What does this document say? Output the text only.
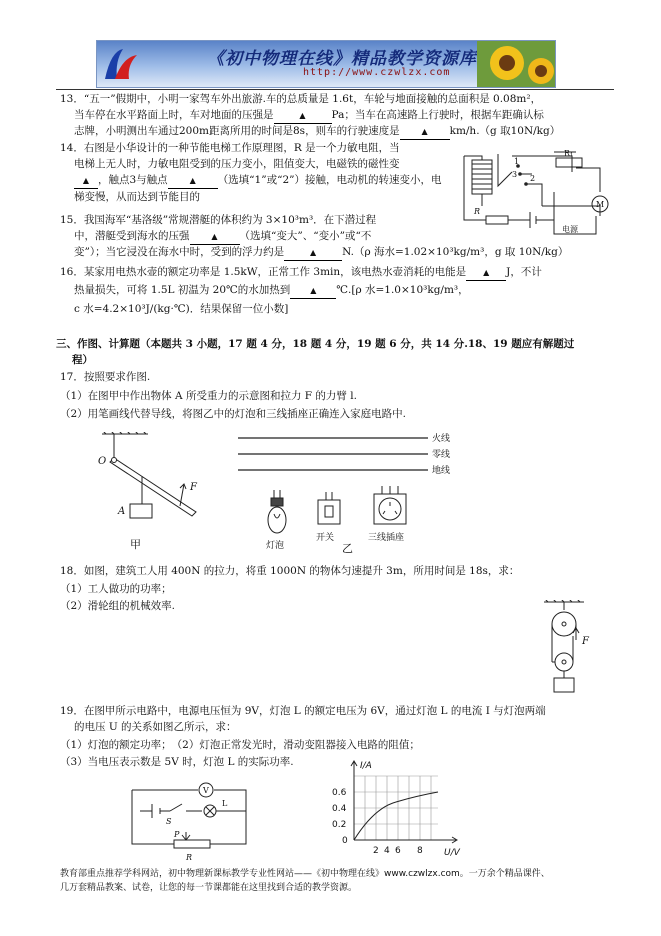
《初中物理在线》精品教学资源库
http://www.czwlzx.com
13．“五一”假期中，小明一家驾车外出旅游.车的总质量是 1.6t，车轮与地面接触的总面积是 0.08m²，
当车停在水平路面上时，车对地面的压强是	▲ Pa；当车在高速路上行驶时，根据车距确认标
志牌，小明测出车通过200m距离所用的时间是8s，则车的行驶速度是	▲ km/h.（g 取10N/kg）
14．右图是小华设计的一种节能电梯工作原理图，R 是一个力敏电阻，当
电梯上无人时，力敏电阻受到的压力变小，阻值变大，电磁铁的磁性变
▲ ，触点3与触点	▲ （选填“1”或“2”）接触，电动机的转速变小，电
梯变慢，从而达到节能目的
R₁
1
3 2
R
电源
M
15．我国海军“基洛级”常规潜艇的体积约为 3×10³m³．在下潜过程
中，潜艇受到海水的压强	▲ （选填“变大”、“变小”或“不
变”）；当它浸没在海水中时，受到的浮力约是	▲ N.（ρ 海水=1.02×10³kg/m³，g 取 10N/kg）
16．某家用电热水壶的额定功率是 1.5kW，正常工作 3min，该电热水壶消耗的电能是 ▲ J，不计
热量损失，可将 1.5L 初温为 20℃的水加热到 ▲ ℃.[ρ 水=1.0×10³kg/m³，
c 水=4.2×10³J/(kg·℃)．结果保留一位小数]
三、作图、计算题（本题共 3 小题，17 题 4 分，18 题 4 分，19 题 6 分，共 14 分.18、19 题应有解题过
程）
17．按照要求作图.
（1）在图甲中作出物体 A 所受重力的示意图和拉力 F 的力臂 l.
（2）用笔画线代替导线，将图乙中的灯泡和三线插座正确连入家庭电路中.
O
A
F
甲
火线
零线
地线
灯泡
开关	三线插座
乙
18．如图，建筑工人用 400N 的拉力，将重 1000N 的物体匀速提升 3m，所用时间是 18s，求：
（1）工人做功的功率；
（2）滑轮组的机械效率.
F
19．在图甲所示电路中，电源电压恒为 9V，灯泡 L 的额定电压为 6V，通过灯泡 L 的电流 I 与灯泡两端
的电压 U 的关系如图乙所示，求：
（1）灯泡的额定功率；　（2）灯泡正常发光时，滑动变阻器接入电路的阻值；
（3）当电压表示数是 5V 时，灯泡 L 的实际功率.
V
L
S
P
R
I/A
0.6
0.4
0.2
0
2 4 6 8 U/V
教育部重点推荐学科网站，初中物理新课标教学专业性网站——《初中物理在线》www.czwlzx.com。一万余个精品课件、
几万套精品教案、试卷，让您的每一节课都能在这里找到合适的教学资源。
